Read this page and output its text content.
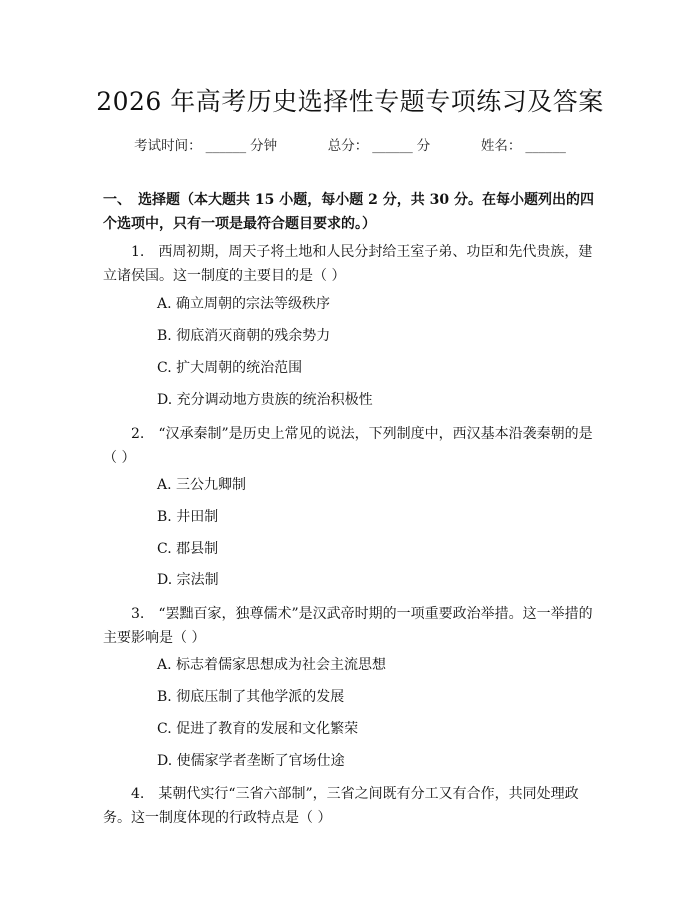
2026 年高考历史选择性专题专项练习及答案
考试时间： ______ 分钟	总分： ______ 分	姓名： ______
一、　选择题（本大题共 15 小题，每小题 2 分，共 30 分。在每小题列出的四个选项中，只有一项是最符合题目要求的。）
1.　西周初期，周天子将土地和人民分封给王室子弟、功臣和先代贵族，建立诸侯国。这一制度的主要目的是（ ）
A. 确立周朝的宗法等级秩序
B. 彻底消灭商朝的残余势力
C. 扩大周朝的统治范围
D. 充分调动地方贵族的统治积极性
2.　“汉承秦制”是历史上常见的说法，下列制度中，西汉基本沿袭秦朝的是（ ）
A. 三公九卿制
B. 井田制
C. 郡县制
D. 宗法制
3.　“罢黜百家，独尊儒术”是汉武帝时期的一项重要政治举措。这一举措的主要影响是（ ）
A. 标志着儒家思想成为社会主流思想
B. 彻底压制了其他学派的发展
C. 促进了教育的发展和文化繁荣
D. 使儒家学者垄断了官场仕途
4.　某朝代实行“三省六部制”，三省之间既有分工又有合作，共同处理政务。这一制度体现的行政特点是（ ）
